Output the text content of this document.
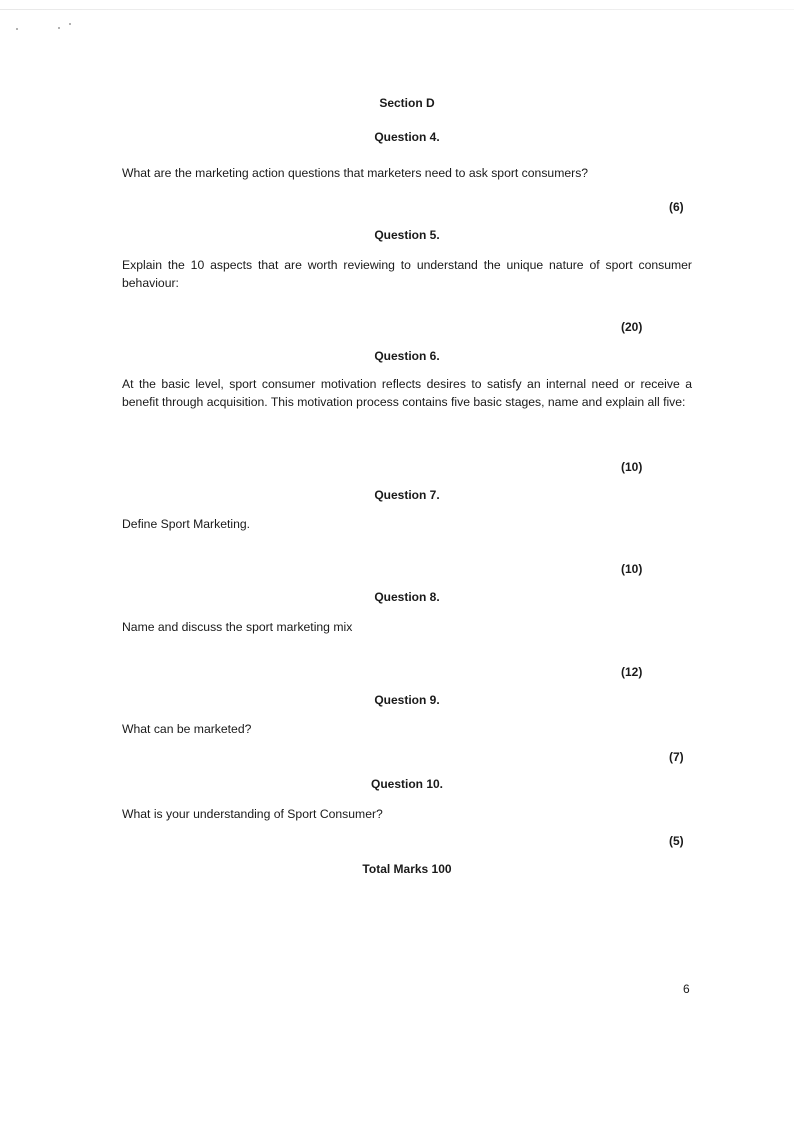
Section D
Question 4.
What are the marketing action questions that marketers need to ask sport consumers?
(6)
Question 5.
Explain the 10 aspects that are worth reviewing to understand the unique nature of sport consumer behaviour:
(20)
Question 6.
At the basic level, sport consumer motivation reflects desires to satisfy an internal need or receive a benefit through acquisition. This motivation process contains five basic stages, name and explain all five:
(10)
Question 7.
Define Sport Marketing.
(10)
Question 8.
Name and discuss the sport marketing mix
(12)
Question 9.
What can be marketed?
(7)
Question 10.
What is your understanding of Sport Consumer?
(5)
Total Marks 100
6
